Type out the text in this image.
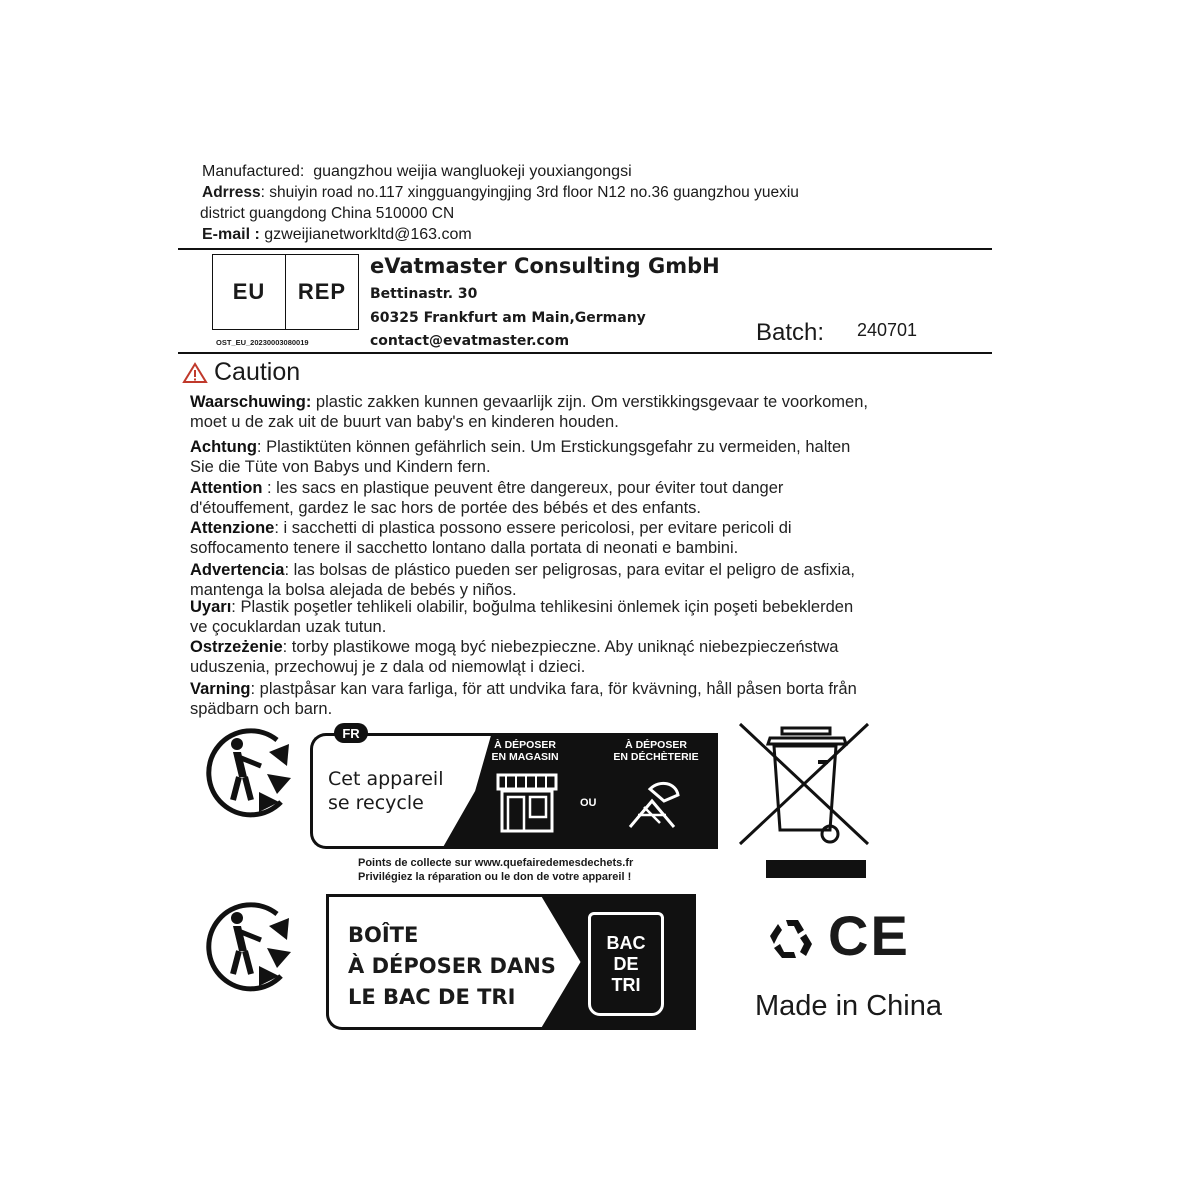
Manufactured:  guangzhou weijia wangluokeji youxiangongsi
Adrress: shuiyin road no.117 xingguangyingjing 3rd floor N12 no.36 guangzhou yuexiu
district guangdong China 510000 CN
E-mail : gzweijianetworkltd@163.com
EU REP
OST_EU_20230003080019
eVatmaster Consulting GmbH
Bettinastr. 30
60325 Frankfurt am Main,Germany
contact@evatmaster.com	Batch: 240701
Caution
Waarschuwing: plastic zakken kunnen gevaarlijk zijn. Om verstikkingsgevaar te voorkomen,
moet u de zak uit de buurt van baby's en kinderen houden.
Achtung: Plastiktüten können gefährlich sein. Um Erstickungsgefahr zu vermeiden, halten
Sie die Tüte von Babys und Kindern fern.
Attention : les sacs en plastique peuvent être dangereux, pour éviter tout danger
d'étouffement, gardez le sac hors de portée des bébés et des enfants.
Attenzione: i sacchetti di plastica possono essere pericolosi, per evitare pericoli di
soffocamento tenere il sacchetto lontano dalla portata di neonati e bambini.
Advertencia: las bolsas de plástico pueden ser peligrosas, para evitar el peligro de asfixia,
mantenga la bolsa alejada de bebés y niños.
Uyarı: Plastik poşetler tehlikeli olabilir, boğulma tehlikesini önlemek için poşeti bebeklerden
ve çocuklardan uzak tutun.
Ostrzeżenie: torby plastikowe mogą być niebezpieczne. Aby uniknąć niebezpieczeństwa
uduszenia, przechowuj je z dala od niemowląt i dzieci.
Varning: plastpåsar kan vara farliga, för att undvika fara, för kvävning, håll påsen borta från
spädbarn och barn.
FR
Cet appareil
se recycle
À DÉPOSER
EN MAGASIN
OU
À DÉPOSER
EN DÉCHÈTERIE
Points de collecte sur www.quefairedemesdechets.fr
Privilégiez la réparation ou le don de votre appareil !
BOÎTE
À DÉPOSER DANS
LE BAC DE TRI
BAC
DE
TRI
CE
Made in China
